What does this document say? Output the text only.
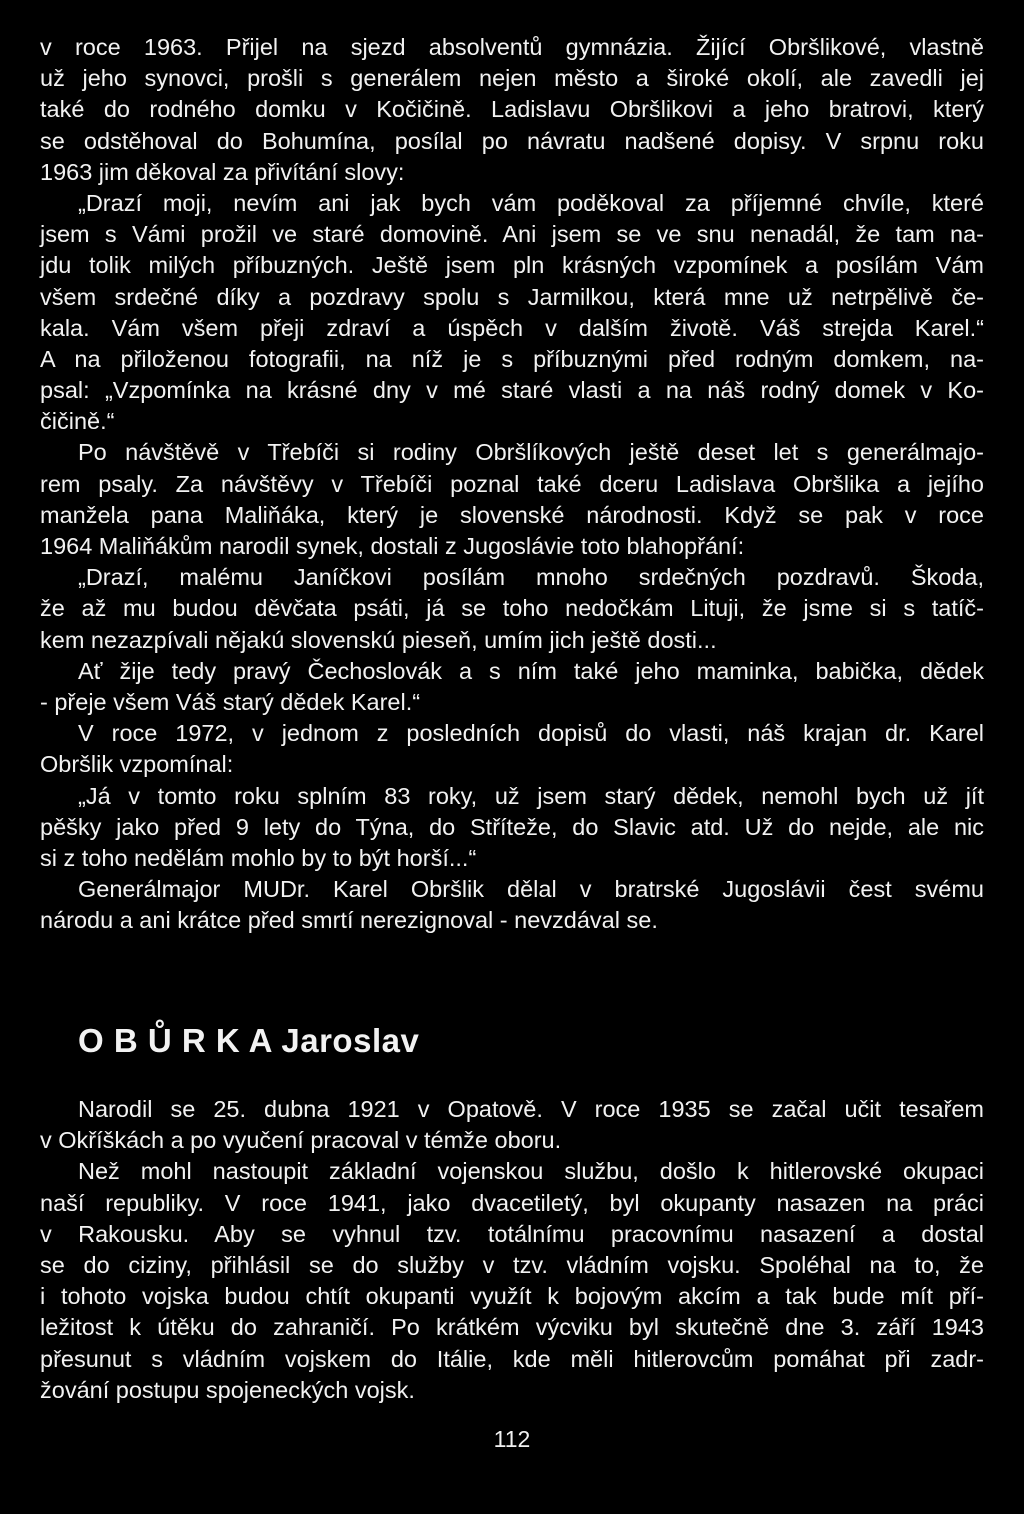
v roce 1963. Přijel na sjezd absolventů gymnázia. Žijící Obršlikové, vlastně
už jeho synovci, prošli s generálem nejen město a široké okolí, ale zavedli jej
také do rodného domku v Kočičině. Ladislavu Obršlikovi a jeho bratrovi, který
se odstěhoval do Bohumína, posílal po návratu nadšené dopisy. V srpnu roku
1963 jim děkoval za přivítání slovy:
„Drazí moji, nevím ani jak bych vám poděkoval za příjemné chvíle, které
jsem s Vámi prožil ve staré domovině. Ani jsem se ve snu nenadál, že tam na-
jdu tolik milých příbuzných. Ještě jsem pln krásných vzpomínek a posílám Vám
všem srdečné díky a pozdravy spolu s Jarmilkou, která mne už netrpělivě če-
kala. Vám všem přeji zdraví a úspěch v dalším životě. Váš strejda Karel.“
A na přiloženou fotografii, na níž je s příbuznými před rodným domkem, na-
psal: „Vzpomínka na krásné dny v mé staré vlasti a na náš rodný domek v Ko-
čičině.“
Po návštěvě v Třebíči si rodiny Obršlíkových ještě deset let s generálmajo-
rem psaly. Za návštěvy v Třebíči poznal také dceru Ladislava Obršlika a jejího
manžela pana Maliňáka, který je slovenské národnosti. Když se pak v roce
1964 Maliňákům narodil synek, dostali z Jugoslávie toto blahopřání:
„Drazí, malému Janíčkovi posílám mnoho srdečných pozdravů. Škoda,
že až mu budou děvčata psáti, já se toho nedočkám Lituji, že jsme si s tatíč-
kem nezazpívali nějakú slovenskú pieseň, umím jich ještě dosti...
Ať žije tedy pravý Čechoslovák a s ním také jeho maminka, babička, dědek
- přeje všem Váš starý dědek Karel.“
V roce 1972, v jednom z posledních dopisů do vlasti, náš krajan dr. Karel
Obršlik vzpomínal:
„Já v tomto roku splním 83 roky, už jsem starý dědek, nemohl bych už jít
pěšky jako před 9 lety do Týna, do Stříteže, do Slavic atd. Už do nejde, ale nic
si z toho nedělám mohlo by to být horší...“
Generálmajor MUDr. Karel Obršlik dělal v bratrské Jugoslávii čest svému
národu a ani krátce před smrtí nerezignoval - nevzdával se.
O B Ů R K A Jaroslav
Narodil se 25. dubna 1921 v Opatově. V roce 1935 se začal učit tesařem
v Okříškách a po vyučení pracoval v témže oboru.
Než mohl nastoupit základní vojenskou službu, došlo k hitlerovské okupaci
naší republiky. V roce 1941, jako dvacetiletý, byl okupanty nasazen na práci
v Rakousku. Aby se vyhnul tzv. totálnímu pracovnímu nasazení a dostal
se do ciziny, přihlásil se do služby v tzv. vládním vojsku. Spoléhal na to, že
i tohoto vojska budou chtít okupanti využít k bojovým akcím a tak bude mít pří-
ležitost k útěku do zahraničí. Po krátkém výcviku byl skutečně dne 3. září 1943
přesunut s vládním vojskem do Itálie, kde měli hitlerovcům pomáhat při zadr-
žování postupu spojeneckých vojsk.
112
